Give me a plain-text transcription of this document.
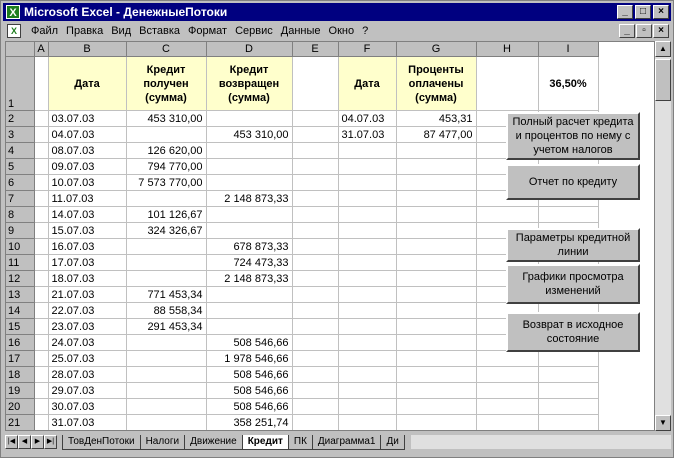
X Microsoft Excel - ДенежныеПотоки	_	□	×
X	Файл Правка Вид Вставка Формат Сервис Данные Окно ?	_	▫	×
	A	B	C	D	E	F	G	H	I
1		Дата	Кредит получен (сумма)	Кредит возвращен (сумма)		Дата	Проценты оплачены (сумма)		36,50%
2		03.07.03	453 310,00			04.07.03	453,31		
3		04.07.03		453 310,00		31.07.03	87 477,00		
4		08.07.03	126 620,00						
5		09.07.03	794 770,00						
6		10.07.03	7 573 770,00						
7		11.07.03		2 148 873,33					
8		14.07.03	101 126,67						
9		15.07.03	324 326,67						
10		16.07.03		678 873,33					
11		17.07.03		724 473,33					
12		18.07.03		2 148 873,33					
13		21.07.03	771 453,34						
14		22.07.03	88 558,34						
15		23.07.03	291 453,34						
16		24.07.03		508 546,66					
17		25.07.03		1 978 546,66					
18		28.07.03		508 546,66					
19		29.07.03		508 546,66					
20		30.07.03		508 546,66					
21		31.07.03		358 251,74					
Полный расчет кредита и процентов по нему с учетом налогов
Отчет по кредиту
Параметры кредитной линии
Графики просмотра изменений
Возврат в исходное состояние
▲
▼
|◀ ◀	▶ ▶|	ТовДенПотоки	Налоги	Движение	Кредит	ПК	Диаграмма1	Ди
